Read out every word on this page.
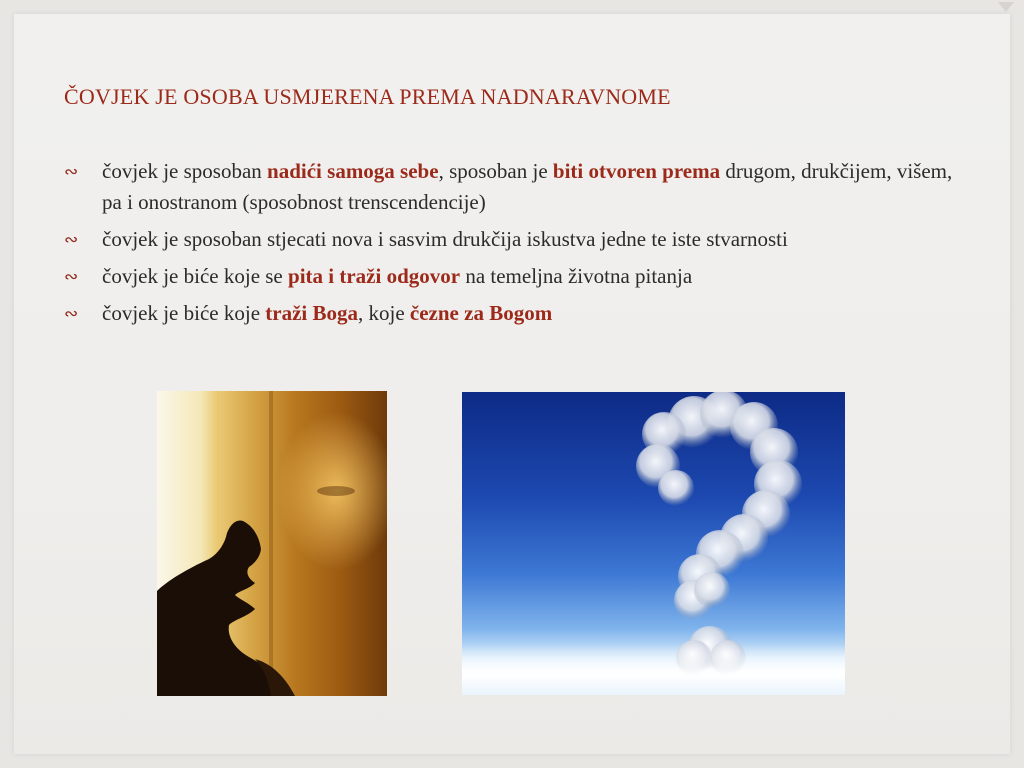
ČOVJEK JE OSOBA USMJERENA PREMA NADNARAVNOME
∾	čovjek je sposoban nadići samoga sebe, sposoban je biti otvoren prema drugom, drukčijem, višem, pa i onostranom (sposobnost trenscendencije)
∾	čovjek je sposoban stjecati nova i sasvim drukčija iskustva jedne te iste stvarnosti
∾	čovjek je biće koje se pita i traži odgovor na temeljna životna pitanja
∾	čovjek je biće koje traži Boga, koje čezne za Bogom
